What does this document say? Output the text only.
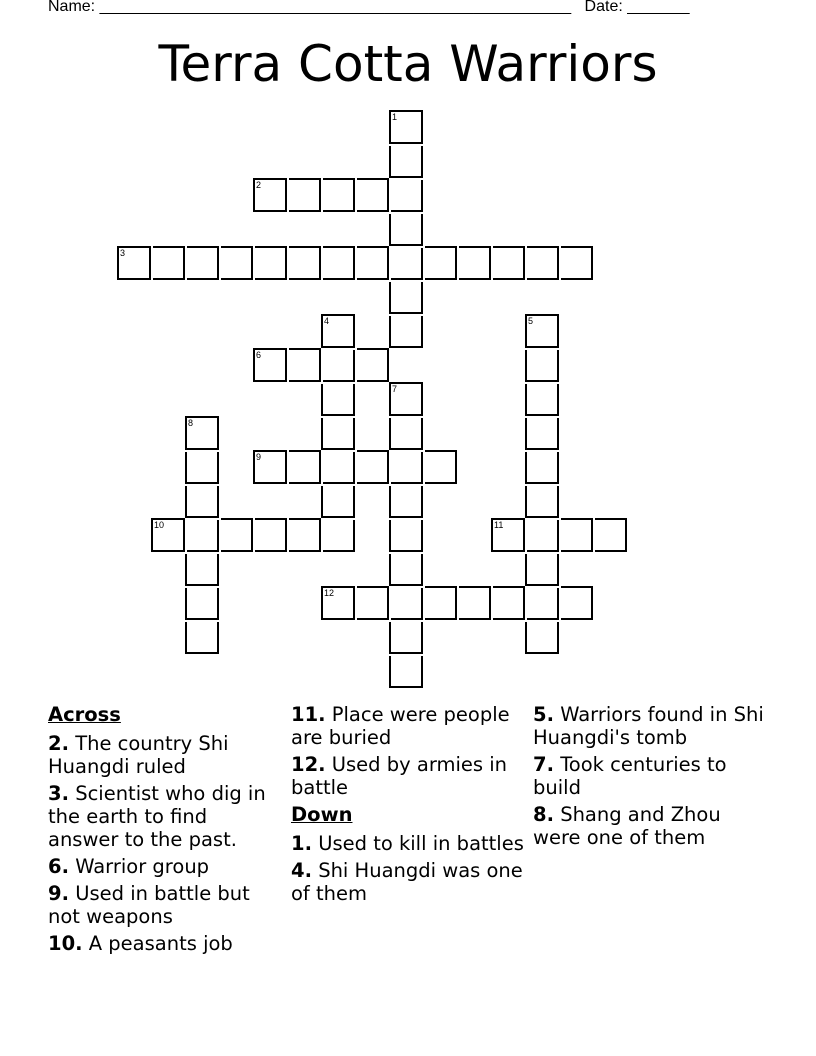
Name: _____________________________________________________ Date: _______
Terra Cotta Warriors
1
2
3
4	5
6
7
8
9
10	11
12
Across
2. The country Shi Huangdi ruled
3. Scientist who dig in the earth to find answer to the past.
6. Warrior group
9. Used in battle but not weapons
10. A peasants job
11. Place were people are buried
12. Used by armies in battle
Down
1. Used to kill in battles
4. Shi Huangdi was one of them
5. Warriors found in Shi Huangdi's tomb
7. Took centuries to build
8. Shang and Zhou were one of them
